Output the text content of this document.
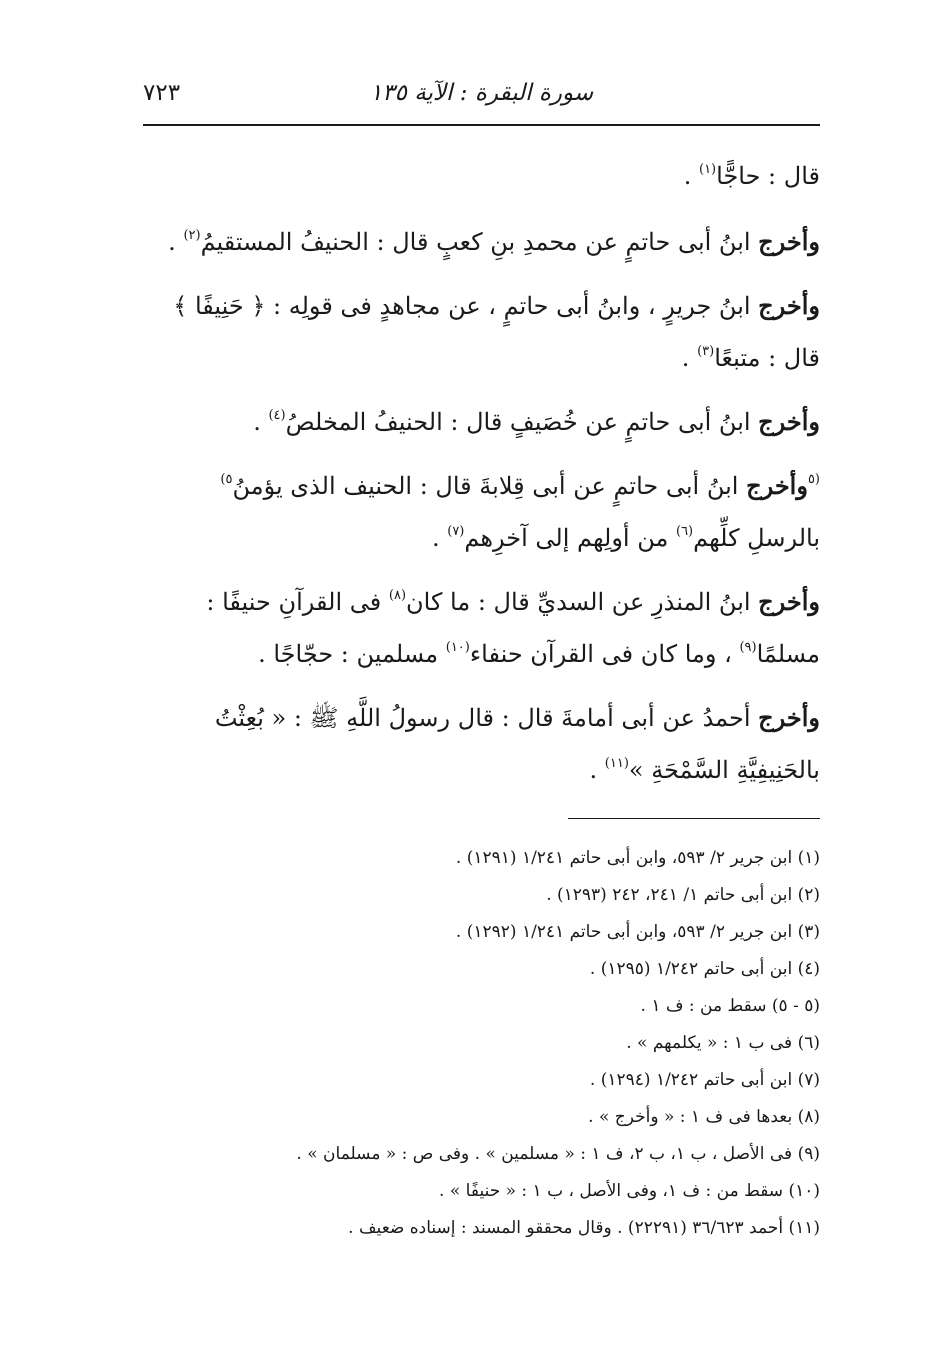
سورة البقرة : الآية ١٣٥
٧٢٣

قال : حاجًّا$^{(١)}$ .

وأخرج ابنُ أبى حاتمٍ عن محمدِ بنِ كعبٍ قال : الحنيفُ المستقيمُ$^{(٢)}$ .

وأخرج ابنُ جريرٍ ، وابنُ أبى حاتمٍ ، عن مجاهدٍ فى قولِه : ﴿ حَنِيفًا ﴾ قال : متبعًا$^{(٣)}$ .

وأخرج ابنُ أبى حاتمٍ عن خُصَيفٍ قال : الحنيفُ المخلصُ$^{(٤)}$ .

$^{(٥}$وأخرج ابنُ أبى حاتمٍ عن أبى قِلابةَ قال : الحنيف الذى يؤمنُ$^{٥)}$ بالرسلِ كلِّهم$^{(٦)}$ من أولِهم إلى آخرِهم$^{(٧)}$ .

وأخرج ابنُ المنذرِ عن السديِّ قال : ما كان$^{(٨)}$ فى القرآنِ حنيفًا : مسلمًا$^{(٩)}$ ، وما كان فى القرآن حنفاء$^{(١٠)}$ مسلمين : حجّاجًا .

وأخرج أحمدُ عن أبى أمامةَ قال : قال رسولُ اللَّهِ ﷺ : « بُعِثْتُ بالحَنِيفِيَّةِ السَّمْحَةِ »$^{(١١)}$ .

(١) ابن جرير ٢/ ٥٩٣، وابن أبى حاتم ١/٢٤١ (١٢٩١) .
(٢) ابن أبى حاتم ١/ ٢٤١، ٢٤٢ (١٢٩٣) .
(٣) ابن جرير ٢/ ٥٩٣، وابن أبى حاتم ١/٢٤١ (١٢٩٢) .
(٤) ابن أبى حاتم ١/٢٤٢ (١٢٩٥) .
(٥ - ٥) سقط من : ف ١ .
(٦) فى ب ١ : « يكلمهم » .
(٧) ابن أبى حاتم ١/٢٤٢ (١٢٩٤) .
(٨) بعدها فى ف ١ : « وأخرج » .
(٩) فى الأصل ، ب ١، ب ٢، ف ١ : « مسلمين » . وفى ص : « مسلمان » .
(١٠) سقط من : ف ١، وفى الأصل ، ب ١ : « حنيفًا » .
(١١) أحمد ٣٦/٦٢٣ (٢٢٢٩١) . وقال محققو المسند : إسناده ضعيف .
